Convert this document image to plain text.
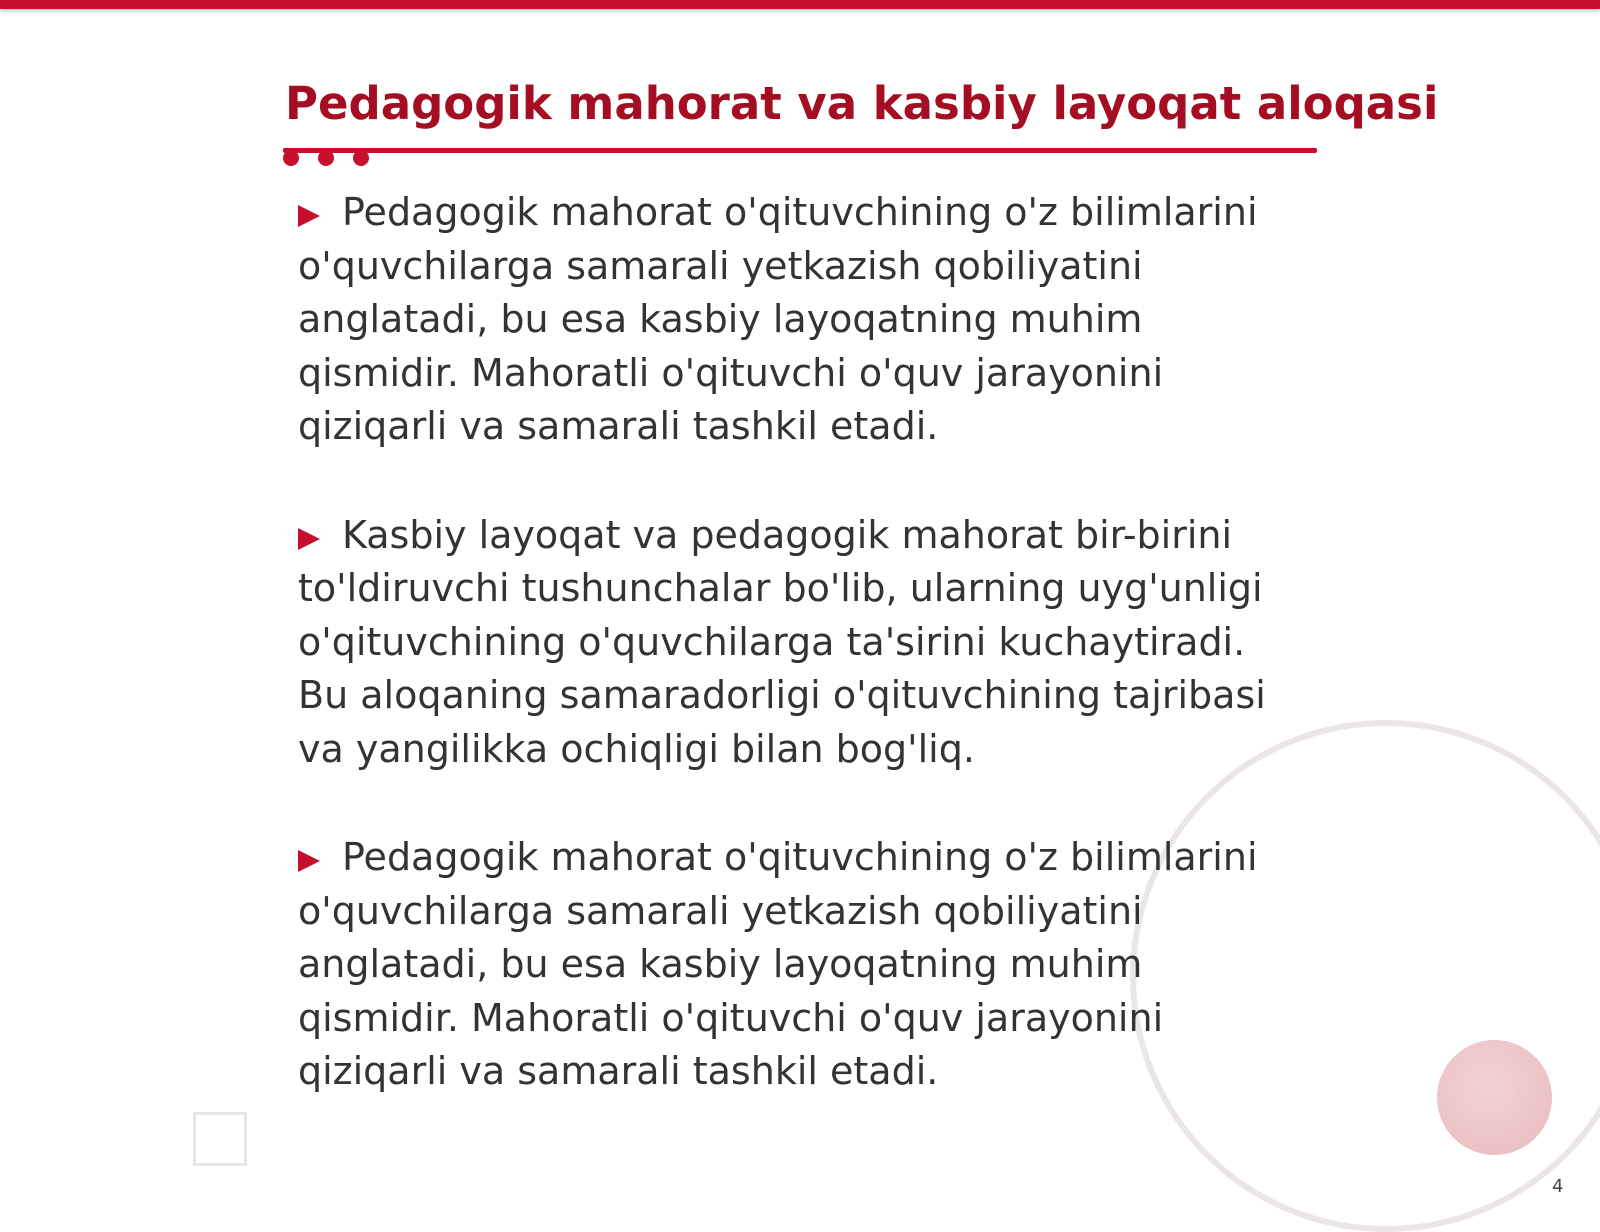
Pedagogik mahorat va kasbiy layoqat aloqasi

Pedagogik mahorat o'qituvchining o'z bilimlarini o'quvchilarga samarali yetkazish qobiliyatini anglatadi, bu esa kasbiy layoqatning muhim qismidir. Mahoratli o'qituvchi o'quv jarayonini qiziqarli va samarali tashkil etadi.

Kasbiy layoqat va pedagogik mahorat bir-birini to'ldiruvchi tushunchalar bo'lib, ularning uyg'unligi o'qituvchining o'quvchilarga ta'sirini kuchaytiradi. Bu aloqaning samaradorligi o'qituvchining tajribasi va yangilikka ochiqligi bilan bog'liq.

Pedagogik mahorat o'qituvchining o'z bilimlarini o'quvchilarga samarali yetkazish qobiliyatini anglatadi, bu esa kasbiy layoqatning muhim qismidir. Mahoratli o'qituvchi o'quv jarayonini qiziqarli va samarali tashkil etadi.

4
